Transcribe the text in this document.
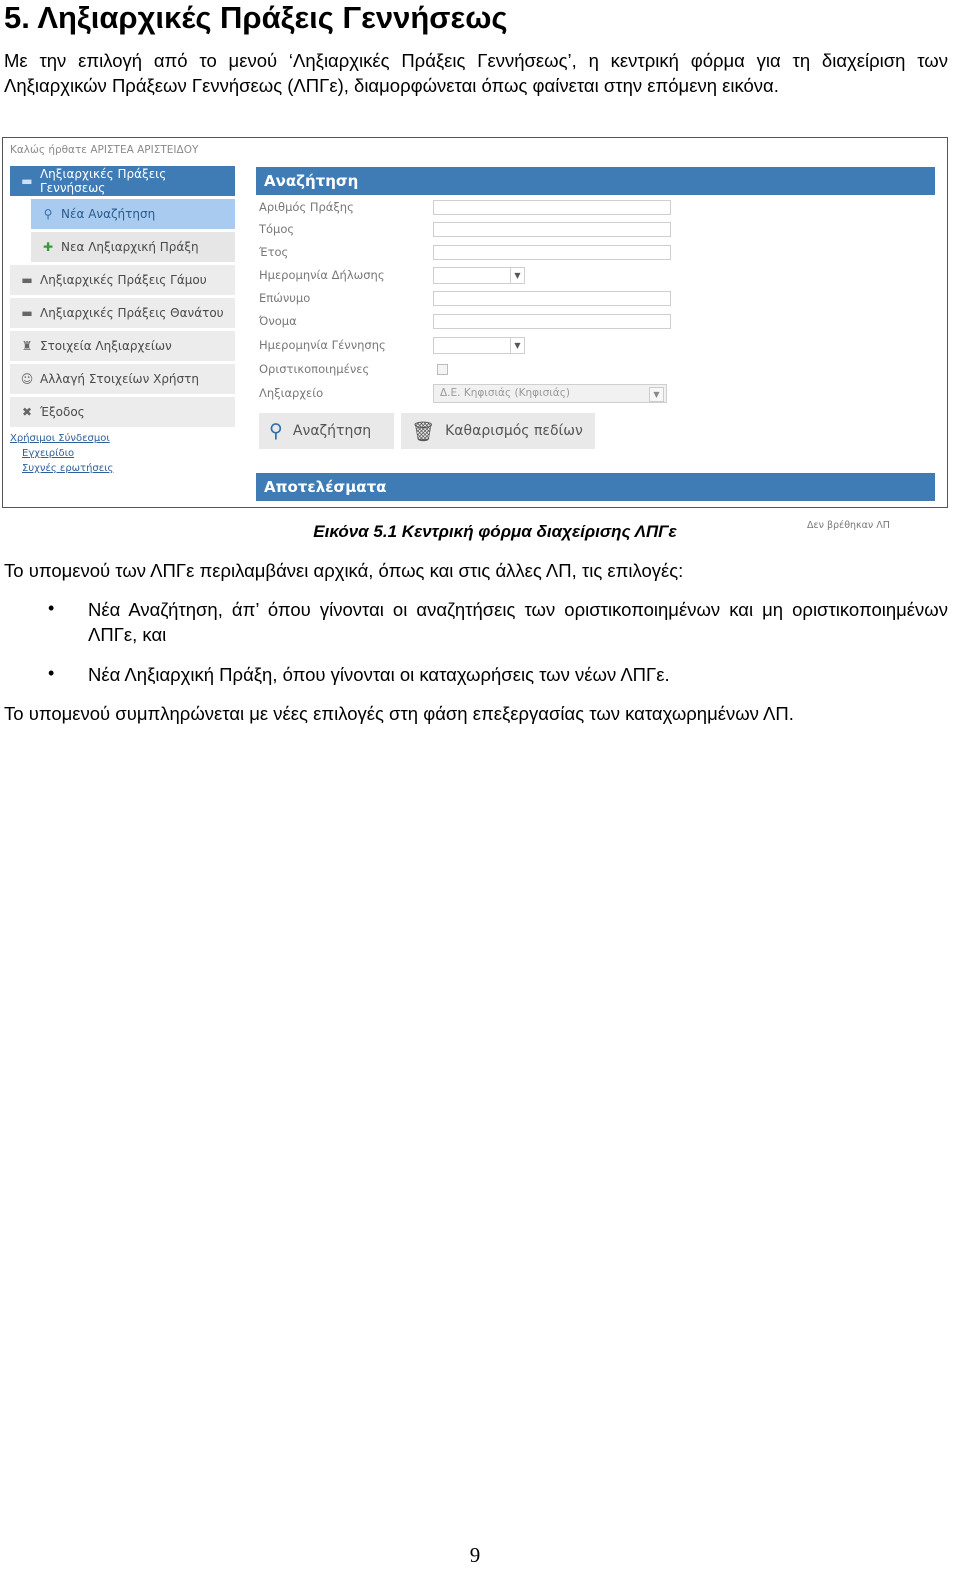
5. Ληξιαρχικές Πράξεις Γεννήσεως

Με την επιλογή από το μενού ‘Ληξιαρχικές Πράξεις Γεννήσεως’, η κεντρική φόρμα για τη διαχείριση των Ληξιαρχικών Πράξεων Γεννήσεως (ΛΠΓε), διαμορφώνεται όπως φαίνεται στην επόμενη εικόνα.

Καλώς ήρθατε ΑΡΙΣΤΕΑ ΑΡΙΣΤΕΙΔΟΥ
▬ Ληξιαρχικές Πράξεις Γεννήσεως
⚲ Νέα Αναζήτηση
✚ Νεα Ληξιαρχική Πράξη
▬ Ληξιαρχικές Πράξεις Γάμου
▬ Ληξιαρχικές Πράξεις Θανάτου
♜ Στοιχεία Ληξιαρχείων
☺ Αλλαγή Στοιχείων Χρήστη
✖ Έξοδος
Χρήσιμοι Σύνδεσμοι
Εγχειρίδιο
Συχνές ερωτήσεις
Αναζήτηση
Αριθμός Πράξης
Τόμος
Έτος
Ημερομηνία Δήλωσης	▼
Επώνυμο
Όνομα
Ημερομηνία Γέννησης	▼
Οριστικοποιημένες
Ληξιαρχείο	Δ.Ε. Κηφισιάς (Κηφισιάς)	▼
⚲ Αναζήτηση 🗑 Καθαρισμός πεδίων
Αποτελέσματα
Δεν βρέθηκαν ΛΠ
Εικόνα 5.1 Κεντρική φόρμα διαχείρισης ΛΠΓε

Το υπομενού των ΛΠΓε περιλαμβάνει αρχικά, όπως και στις άλλες ΛΠ, τις επιλογές:

• Νέα Αναζήτηση, άπ’ όπου γίνονται οι αναζητήσεις των οριστικοποιημένων και μη οριστικοποιημένων ΛΠΓε, και
• Νέα Ληξιαρχική Πράξη, όπου γίνονται οι καταχωρήσεις των νέων ΛΠΓε.

Το υπομενού συμπληρώνεται με νέες επιλογές στη φάση επεξεργασίας των καταχωρημένων ΛΠ.

9
